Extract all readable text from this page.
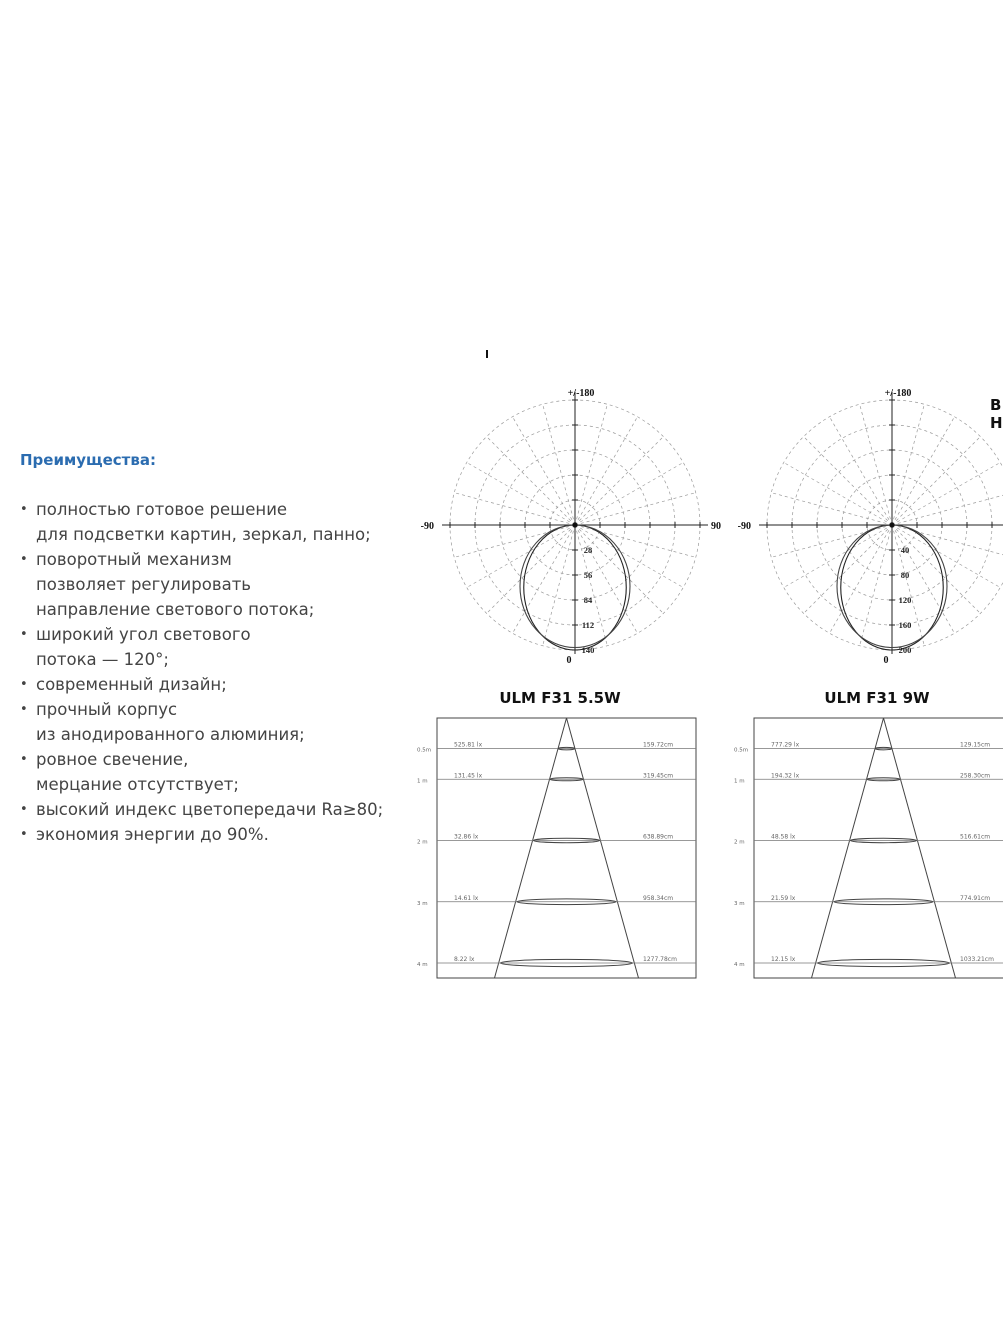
Преимущества:
• полностью готовое решение
для подсветки картин, зеркал, панно;
• поворотный механизм
позволяет регулировать
направление светового потока;
• широкий угол светового
потока — 120°;
• современный дизайн;
• прочный корпус
из анодированного алюминия;
• ровное свечение,
мерцание отсутствует;
• высокий индекс цветопередачи Ra≥80;
• экономия энергии до 90%.
В
Н
+/-180
-90	90
0
28
56
84
112
140
ULM F31 5.5W
0.5m
525.81 lx	159.72cm
1 m
131.45 lx	319.45cm
2 m
32.86 lx	638.89cm
3 m
14.61 lx	958.34cm
4 m
8.22 lx	1277.78cm
+/-180
-90
0
40
80
120
160
200
ULM F31 9W
0.5m
777.29 lx	129.15cm
1 m
194.32 lx	258.30cm
2 m
48.58 lx	516.61cm
3 m
21.59 lx	774.91cm
4 m
12.15 lx	1033.21cm
